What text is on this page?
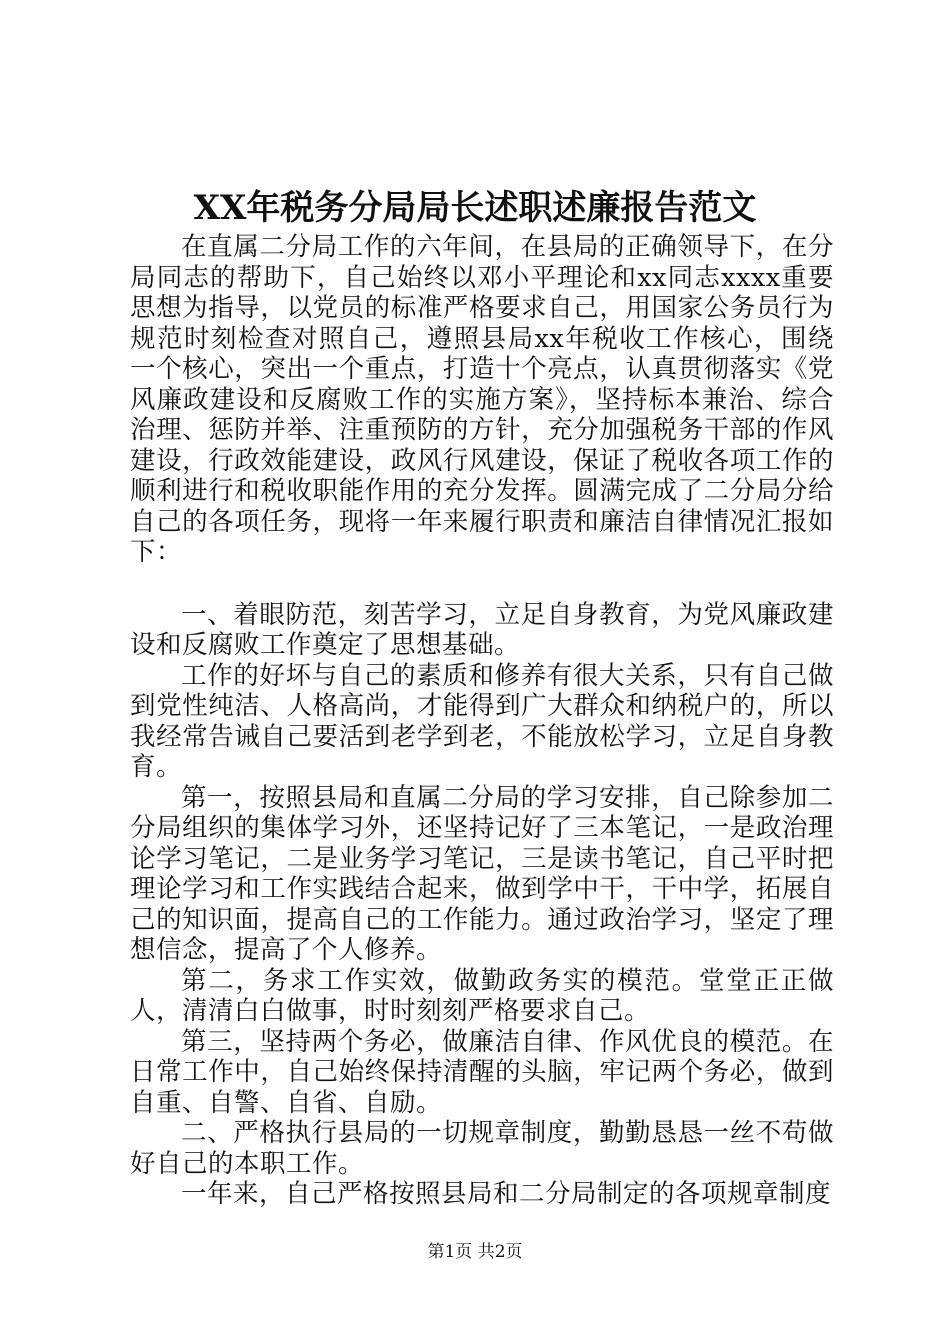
XX年税务分局局长述职述廉报告范文

在直属二分局工作的六年间，在县局的正确领导下，在分局同志的帮助下，自己始终以邓小平理论和xx同志xxxx重要思想为指导，以党员的标准严格要求自己，用国家公务员行为规范时刻检查对照自己，遵照县局xx年税收工作核心，围绕一个核心，突出一个重点，打造十个亮点，认真贯彻落实《党风廉政建设和反腐败工作的实施方案》，坚持标本兼治、综合治理、惩防并举、注重预防的方针，充分加强税务干部的作风建设，行政效能建设，政风行风建设，保证了税收各项工作的顺利进行和税收职能作用的充分发挥。圆满完成了二分局分给自己的各项任务，现将一年来履行职责和廉洁自律情况汇报如下：

一、着眼防范，刻苦学习，立足自身教育，为党风廉政建设和反腐败工作奠定了思想基础。

工作的好坏与自己的素质和修养有很大关系，只有自己做到党性纯洁、人格高尚，才能得到广大群众和纳税户的，所以我经常告诫自己要活到老学到老，不能放松学习，立足自身教育。

第一，按照县局和直属二分局的学习安排，自己除参加二分局组织的集体学习外，还坚持记好了三本笔记，一是政治理论学习笔记，二是业务学习笔记，三是读书笔记，自己平时把理论学习和工作实践结合起来，做到学中干，干中学，拓展自己的知识面，提高自己的工作能力。通过政治学习，坚定了理想信念，提高了个人修养。

第二，务求工作实效，做勤政务实的模范。堂堂正正做人，清清白白做事，时时刻刻严格要求自己。

第三，坚持两个务必，做廉洁自律、作风优良的模范。在日常工作中，自己始终保持清醒的头脑，牢记两个务必，做到自重、自警、自省、自励。

二、严格执行县局的一切规章制度，勤勤恳恳一丝不苟做好自己的本职工作。

一年来，自己严格按照县局和二分局制定的各项规章制度

第1页 共2页
